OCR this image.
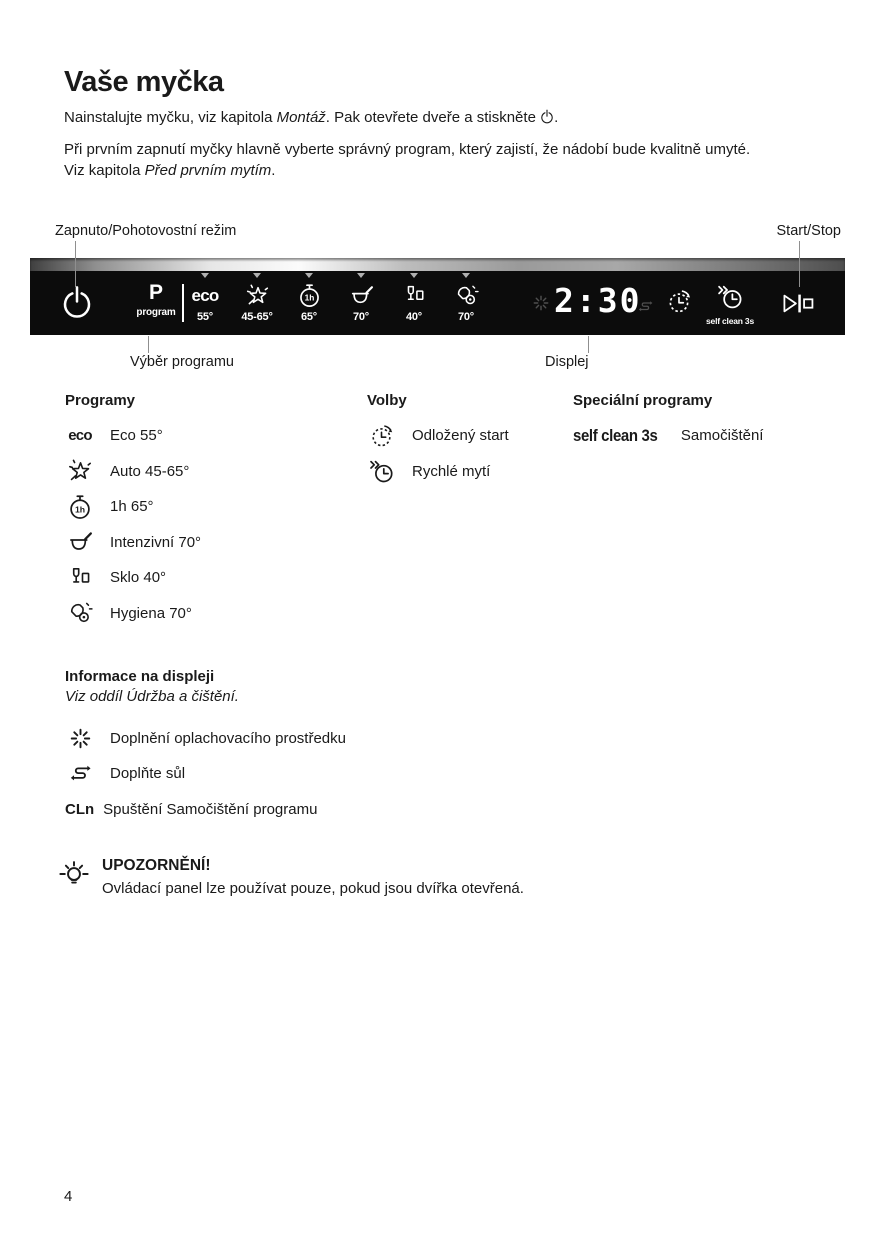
Vaše myčka

Nainstalujte myčku, viz kapitola Montáž. Pak otevřete dveře a stiskněte .

Při prvním zapnutí myčky hlavně vyberte správný program, který zajistí, že nádobí bude kvalitně umyté.
Viz kapitola Před prvním mytím.

Zapnuto/Pohotovostní režim	Start/Stop
P
program
eco
55°	45-65°	65°	70°	40°	70° 2:30
self clean 3s
Výběr programu	Displej
Programy
eco Eco 55°
Auto 45-65°
1h 65°
Intenzivní 70°
Sklo 40°
Hygiena 70°
Volby
Odložený start
Rychlé mytí
Speciální programy
self clean 3s Samočištění
Informace na displeji
Viz oddíl Údržba a čištění.
Doplnění oplachovacího prostředku
Doplňte sůl
CLn Spuštění Samočištění programu

UPOZORNĚNÍ!

Ovládací panel lze používat pouze, pokud jsou dvířka otevřená.

4
